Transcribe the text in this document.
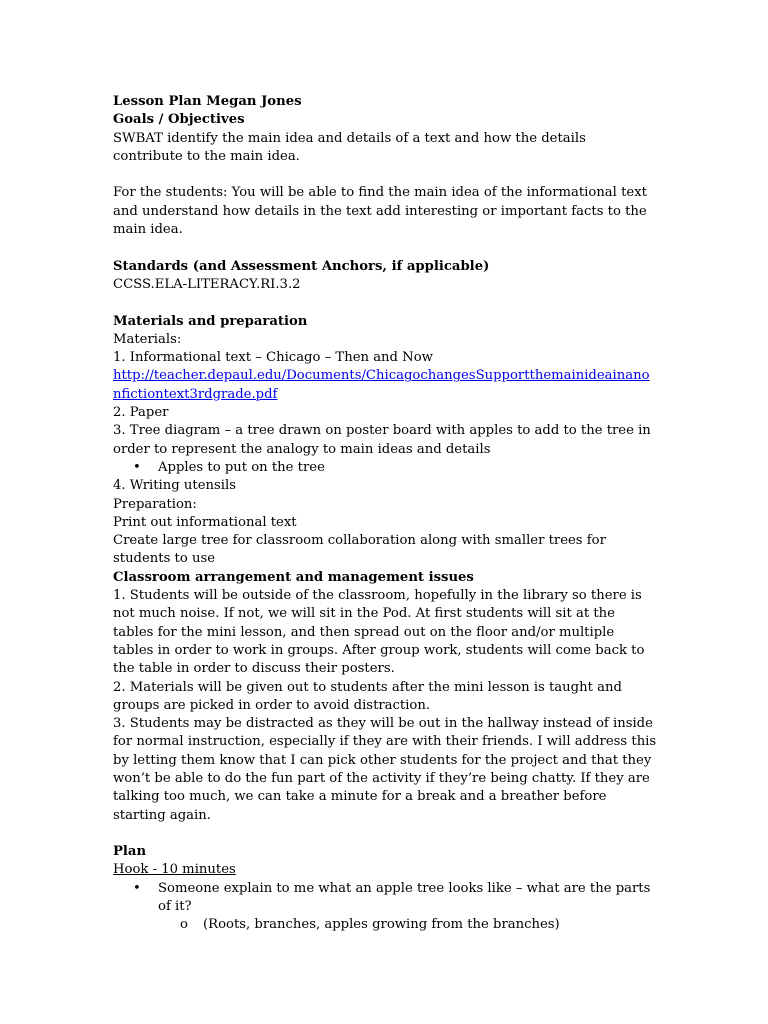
Lesson Plan Megan Jones

Goals / Objectives

SWBAT identify the main idea and details of a text and how the details contribute to the main idea.

For the students: You will be able to find the main idea of the informational text and understand how details in the text add interesting or important facts to the main idea.

Standards (and Assessment Anchors, if applicable)

CCSS.ELA-LITERACY.RI.3.2

Materials and preparation

Materials:

1. Informational text – Chicago – Then and Now

http://teacher.depaul.edu/Documents/ChicagochangesSupportthemainideainanonfictiontext3rdgrade.pdf

2. Paper

3. Tree diagram – a tree drawn on poster board with apples to add to the tree in order to represent the analogy to main ideas and details

• Apples to put on the tree

4. Writing utensils

Preparation:

Print out informational text

Create large tree for classroom collaboration along with smaller trees for students to use

Classroom arrangement and management issues

1. Students will be outside of the classroom, hopefully in the library so there is not much noise. If not, we will sit in the Pod. At first students will sit at the tables for the mini lesson, and then spread out on the floor and/or multiple tables in order to work in groups. After group work, students will come back to the table in order to discuss their posters.

2. Materials will be given out to students after the mini lesson is taught and groups are picked in order to avoid distraction.

3. Students may be distracted as they will be out in the hallway instead of inside for normal instruction, especially if they are with their friends. I will address this by letting them know that I can pick other students for the project and that they won’t be able to do the fun part of the activity if they’re being chatty. If they are talking too much, we can take a minute for a break and a breather before starting again.

Plan

Hook - 10 minutes

• Someone explain to me what an apple tree looks like – what are the parts of it?
o (Roots, branches, apples growing from the branches)
